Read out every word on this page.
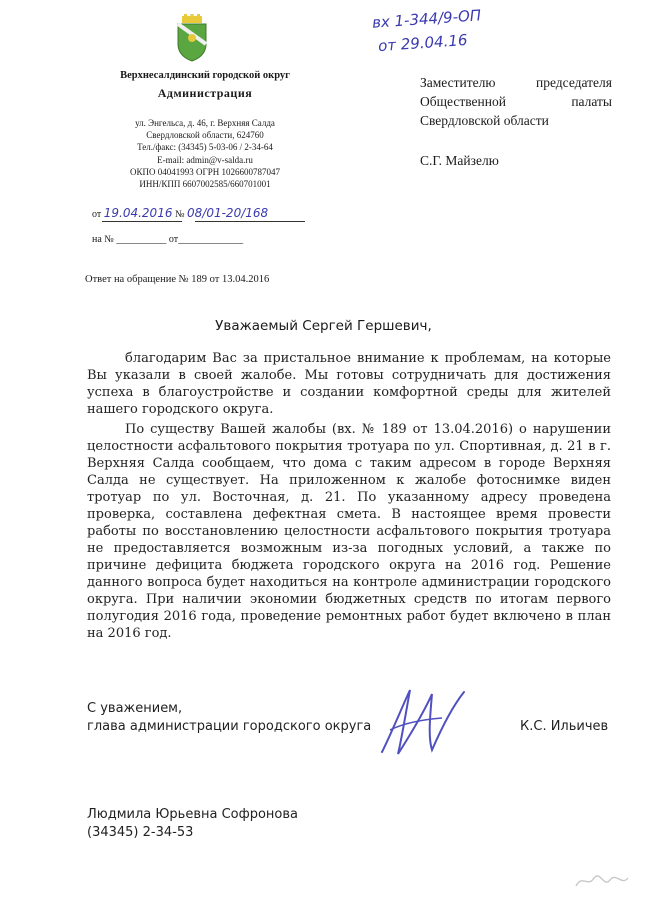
Верхнесалдинский городской округ
Администрация
ул. Энгельса, д. 46, г. Верхняя Салда
Свердловской области, 624760
Тел./факс: (34345) 5-03-06 / 2-34-64
E-mail: admin@v-salda.ru
ОКПО 04041993 ОГРН 1026600787047
ИНН/КПП 6607002585/660701001
от 19.04.2016 № 08/01-20/168
на № __________ от_____________
вх 1-344/9-ОП
от 29.04.16
Заместителю	председателя
Общественной	палаты
Свердловской области
С.Г. Майзелю
Ответ на обращение № 189 от 13.04.2016
Уважаемый Сергей Гершевич,

благодарим Вас за пристальное внимание к проблемам, на которые Вы указали в своей жалобе. Мы готовы сотрудничать для достижения успеха в благоустройстве и создании комфортной среды для жителей нашего городского округа.

По существу Вашей жалобы (вх. № 189 от 13.04.2016) о нарушении целостности асфальтового покрытия тротуара по ул. Спортивная, д. 21 в г. Верхняя Салда сообщаем, что дома с таким адресом в городе Верхняя Салда не существует. На приложенном к жалобе фотоснимке виден тротуар по ул. Восточная, д. 21. По указанному адресу проведена проверка, составлена дефектная смета. В настоящее время провести работы по восстановлению целостности асфальтового покрытия тротуара не предоставляется возможным из-за погодных условий, а также по причине дефицита бюджета городского округа на 2016 год. Решение данного вопроса будет находиться на контроле администрации городского округа. При наличии экономии бюджетных средств по итогам первого полугодия 2016 года, проведение ремонтных работ будет включено в план на 2016 год.

С уважением,
глава администрации городского округа	К.С. Ильичев
Людмила Юрьевна Софронова
(34345) 2-34-53
